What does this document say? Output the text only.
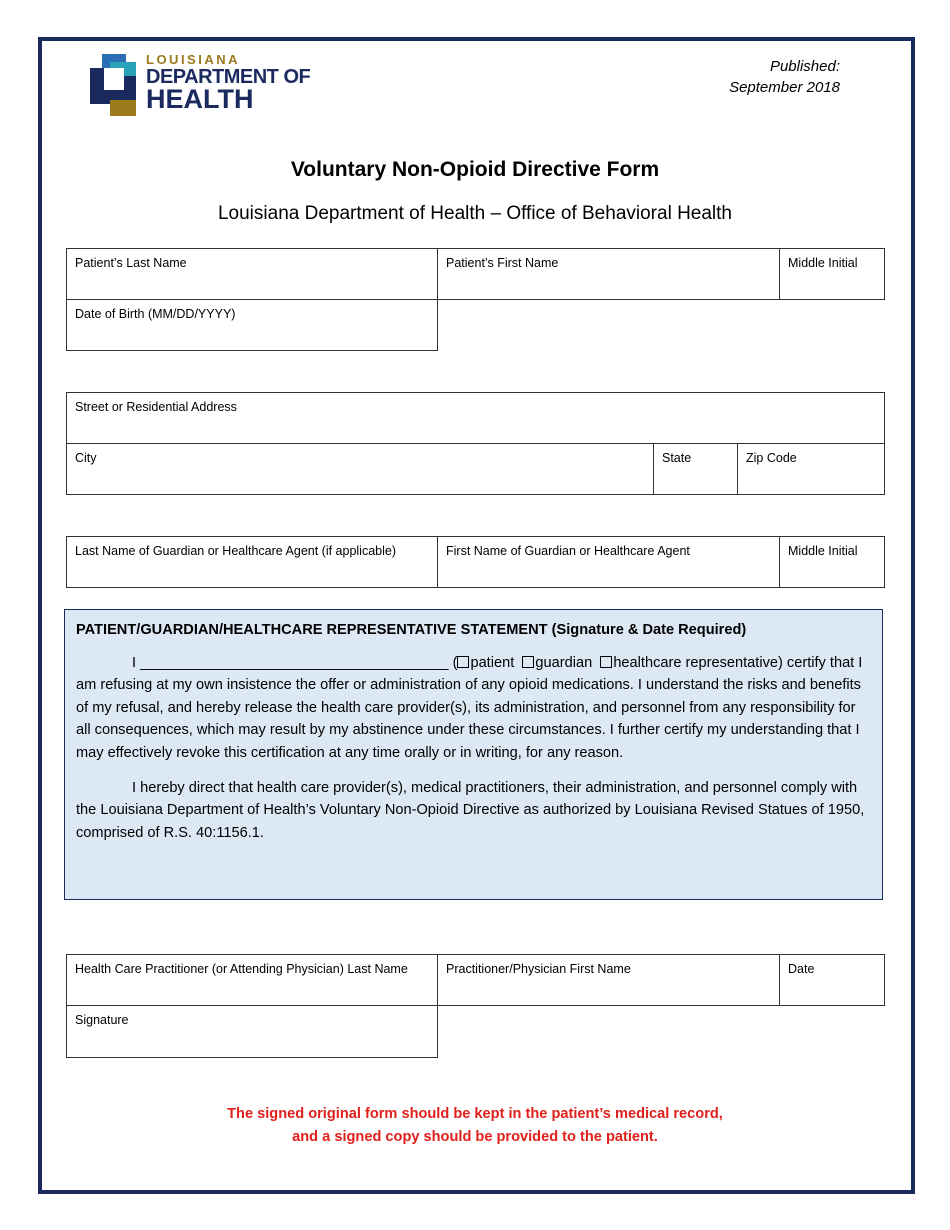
LOUISIANA
DEPARTMENT OF
HEALTH
Published:
September 2018
Voluntary Non-Opioid Directive Form
Louisiana Department of Health – Office of Behavioral Health
Patient’s Last Name	Patient’s First Name	Middle Initial
Date of Birth (MM/DD/YYYY)
Street or Residential Address
City	State	Zip Code
Last Name of Guardian or Healthcare Agent (if applicable)	First Name of Guardian or Healthcare Agent	Middle Initial
PATIENT/GUARDIAN/HEALTHCARE REPRESENTATIVE STATEMENT (Signature & Date Required)

I ______________________________________ ( patient guardian healthcare representative) certify that I am refusing at my own insistence the offer or administration of any opioid medications. I understand the risks and benefits of my refusal, and hereby release the health care provider(s), its administration, and personnel from any responsibility for all consequences, which may result by my abstinence under these circumstances. I further certify my understanding that I may effectively revoke this certification at any time orally or in writing, for any reason.

I hereby direct that health care provider(s), medical practitioners, their administration, and personnel comply with the Louisiana Department of Health’s Voluntary Non-Opioid Directive as authorized by Louisiana Revised Statues of 1950, comprised of R.S. 40:1156.1.

Health Care Practitioner (or Attending Physician) Last Name	Practitioner/Physician First Name	Date
Signature
The signed original form should be kept in the patient’s medical record,
and a signed copy should be provided to the patient.
